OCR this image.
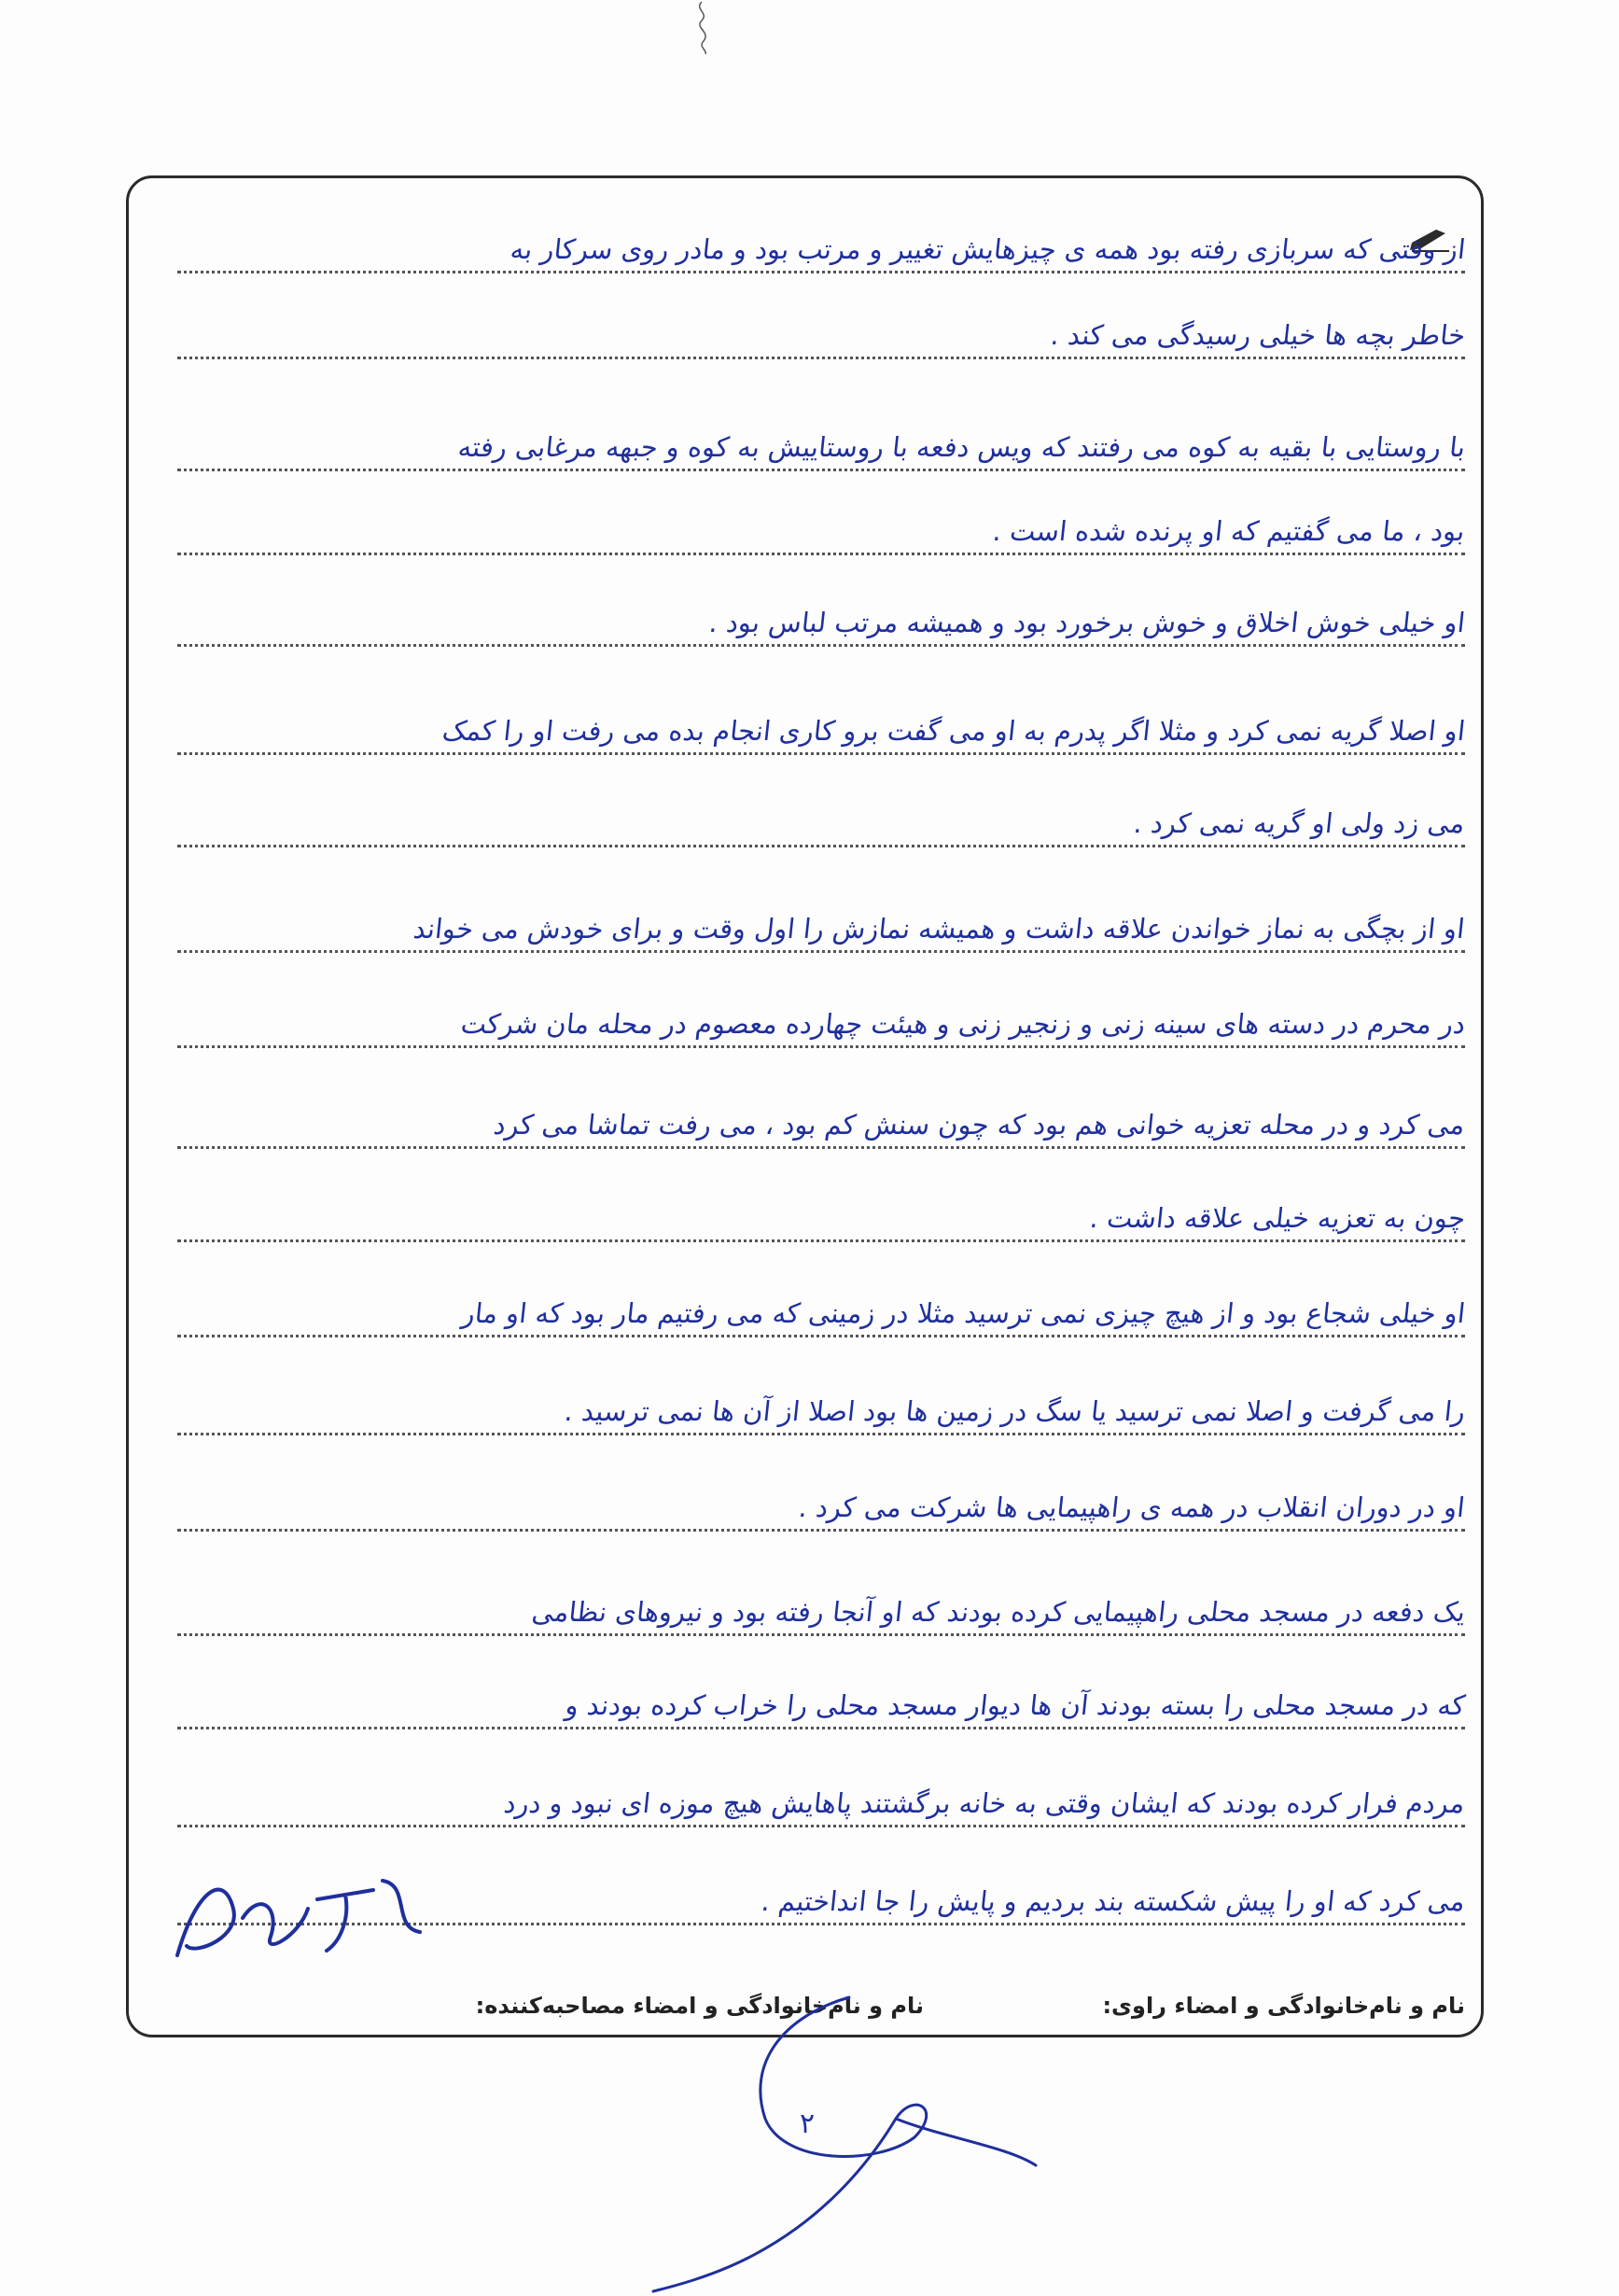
از وقتی که سربازی رفته بود همه ی چیزهایش تغییر و مرتب بود و مادر روی سرکار به
خاطر بچه ها خیلی رسیدگی می کند .
با روستایی با بقیه به کوه می رفتند که ویس دفعه با روستاییش به کوه و جبهه مرغابی رفته
بود ، ما می گفتیم که او پرنده شده است .
او خیلی خوش اخلاق و خوش برخورد بود و همیشه مرتب لباس بود .
او اصلا گریه نمی کرد و مثلا اگر پدرم به او می گفت برو کاری انجام بده می رفت او را کمک
می زد ولی او گریه نمی کرد .
او از بچگی به نماز خواندن علاقه داشت و همیشه نمازش را اول وقت و برای خودش می خواند
در محرم در دسته های سینه زنی و زنجیر زنی و هیئت چهارده معصوم در محله مان شرکت
می کرد و در محله تعزیه خوانی هم بود که چون سنش کم بود ، می رفت تماشا می کرد
چون به تعزیه خیلی علاقه داشت .
او خیلی شجاع بود و از هیچ چیزی نمی ترسید مثلا در زمینی که می رفتیم مار بود که او مار
را می گرفت و اصلا نمی ترسید یا سگ در زمین ها بود اصلا از آن ها نمی ترسید .
او در دوران انقلاب در همه ی راهپیمایی ها شرکت می کرد .
یک دفعه در مسجد محلی راهپیمایی کرده بودند که او آنجا رفته بود و نیروهای نظامی
که در مسجد محلی را بسته بودند آن ها دیوار مسجد محلی را خراب کرده بودند و
مردم فرار کرده بودند که ایشان وقتی به خانه برگشتند پاهایش هیچ موزه ای نبود و درد
می کرد که او را پیش شکسته بند بردیم و پایش را جا انداختیم .
نام و نام‌خانوادگی و امضاء راوی:
نام و نام‌خانوادگی و امضاء مصاحبه‌کننده:
۲
